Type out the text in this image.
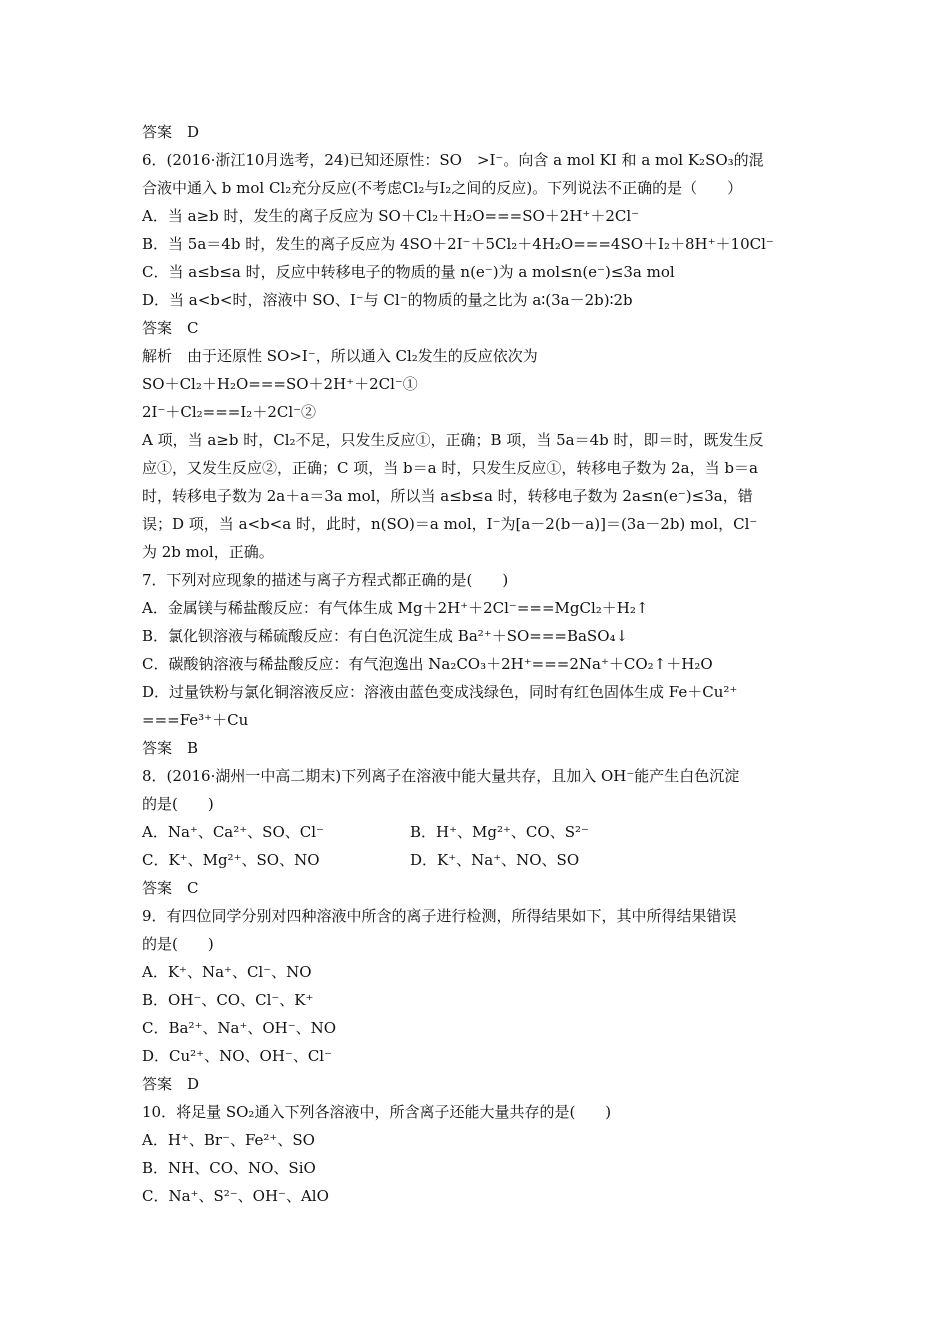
答案　D
6．(2016·浙江10月选考，24)已知还原性：SO　>I⁻。向含 a mol KI 和 a mol K₂SO₃的混
合液中通入 b mol Cl₂充分反应(不考虑Cl₂与I₂之间的反应)。下列说法不正确的是（　　）
A．当 a≥b 时，发生的离子反应为 SO＋Cl₂＋H₂O===SO＋2H⁺＋2Cl⁻
B．当 5a＝4b 时，发生的离子反应为 4SO＋2I⁻＋5Cl₂＋4H₂O===4SO＋I₂＋8H⁺＋10Cl⁻
C．当 a≤b≤a 时，反应中转移电子的物质的量 n(e⁻)为 a mol≤n(e⁻)≤3a mol
D．当 a<b<时，溶液中 SO、I⁻与 Cl⁻的物质的量之比为 a∶(3a－2b)∶2b
答案　C
解析　由于还原性 SO>I⁻，所以通入 Cl₂发生的反应依次为
SO＋Cl₂＋H₂O===SO＋2H⁺＋2Cl⁻①
2I⁻＋Cl₂===I₂＋2Cl⁻②
A 项，当 a≥b 时，Cl₂不足，只发生反应①，正确；B 项，当 5a＝4b 时，即＝时，既发生反
应①，又发生反应②，正确；C 项，当 b＝a 时，只发生反应①，转移电子数为 2a，当 b＝a
时，转移电子数为 2a＋a＝3a mol，所以当 a≤b≤a 时，转移电子数为 2a≤n(e⁻)≤3a，错
误；D 项，当 a<b<a 时，此时，n(SO)＝a mol，I⁻为[a－2(b－a)]＝(3a－2b) mol，Cl⁻
为 2b mol，正确。
7．下列对应现象的描述与离子方程式都正确的是(　　)
A．金属镁与稀盐酸反应：有气体生成 Mg＋2H⁺＋2Cl⁻===MgCl₂＋H₂↑
B．氯化钡溶液与稀硫酸反应：有白色沉淀生成 Ba²⁺＋SO===BaSO₄↓
C．碳酸钠溶液与稀盐酸反应：有气泡逸出 Na₂CO₃＋2H⁺===2Na⁺＋CO₂↑＋H₂O
D．过量铁粉与氯化铜溶液反应：溶液由蓝色变成浅绿色，同时有红色固体生成 Fe＋Cu²⁺
===Fe³⁺＋Cu
答案　B
8．(2016·湖州一中高二期末)下列离子在溶液中能大量共存，且加入 OH⁻能产生白色沉淀
的是(　　)
A．Na⁺、Ca²⁺、SO、Cl⁻
C．K⁺、Mg²⁺、SO、NO
答案　C
9．有四位同学分别对四种溶液中所含的离子进行检测，所得结果如下，其中所得结果错误
的是(　　)
A．K⁺、Na⁺、Cl⁻、NO
B．OH⁻、CO、Cl⁻、K⁺
C．Ba²⁺、Na⁺、OH⁻、NO
D．Cu²⁺、NO、OH⁻、Cl⁻
答案　D
10．将足量 SO₂通入下列各溶液中，所含离子还能大量共存的是(　　)
A．H⁺、Br⁻、Fe²⁺、SO
B．NH、CO、NO、SiO
C．Na⁺、S²⁻、OH⁻、AlO
B．H⁺、Mg²⁺、CO、S²⁻
D．K⁺、Na⁺、NO、SO
